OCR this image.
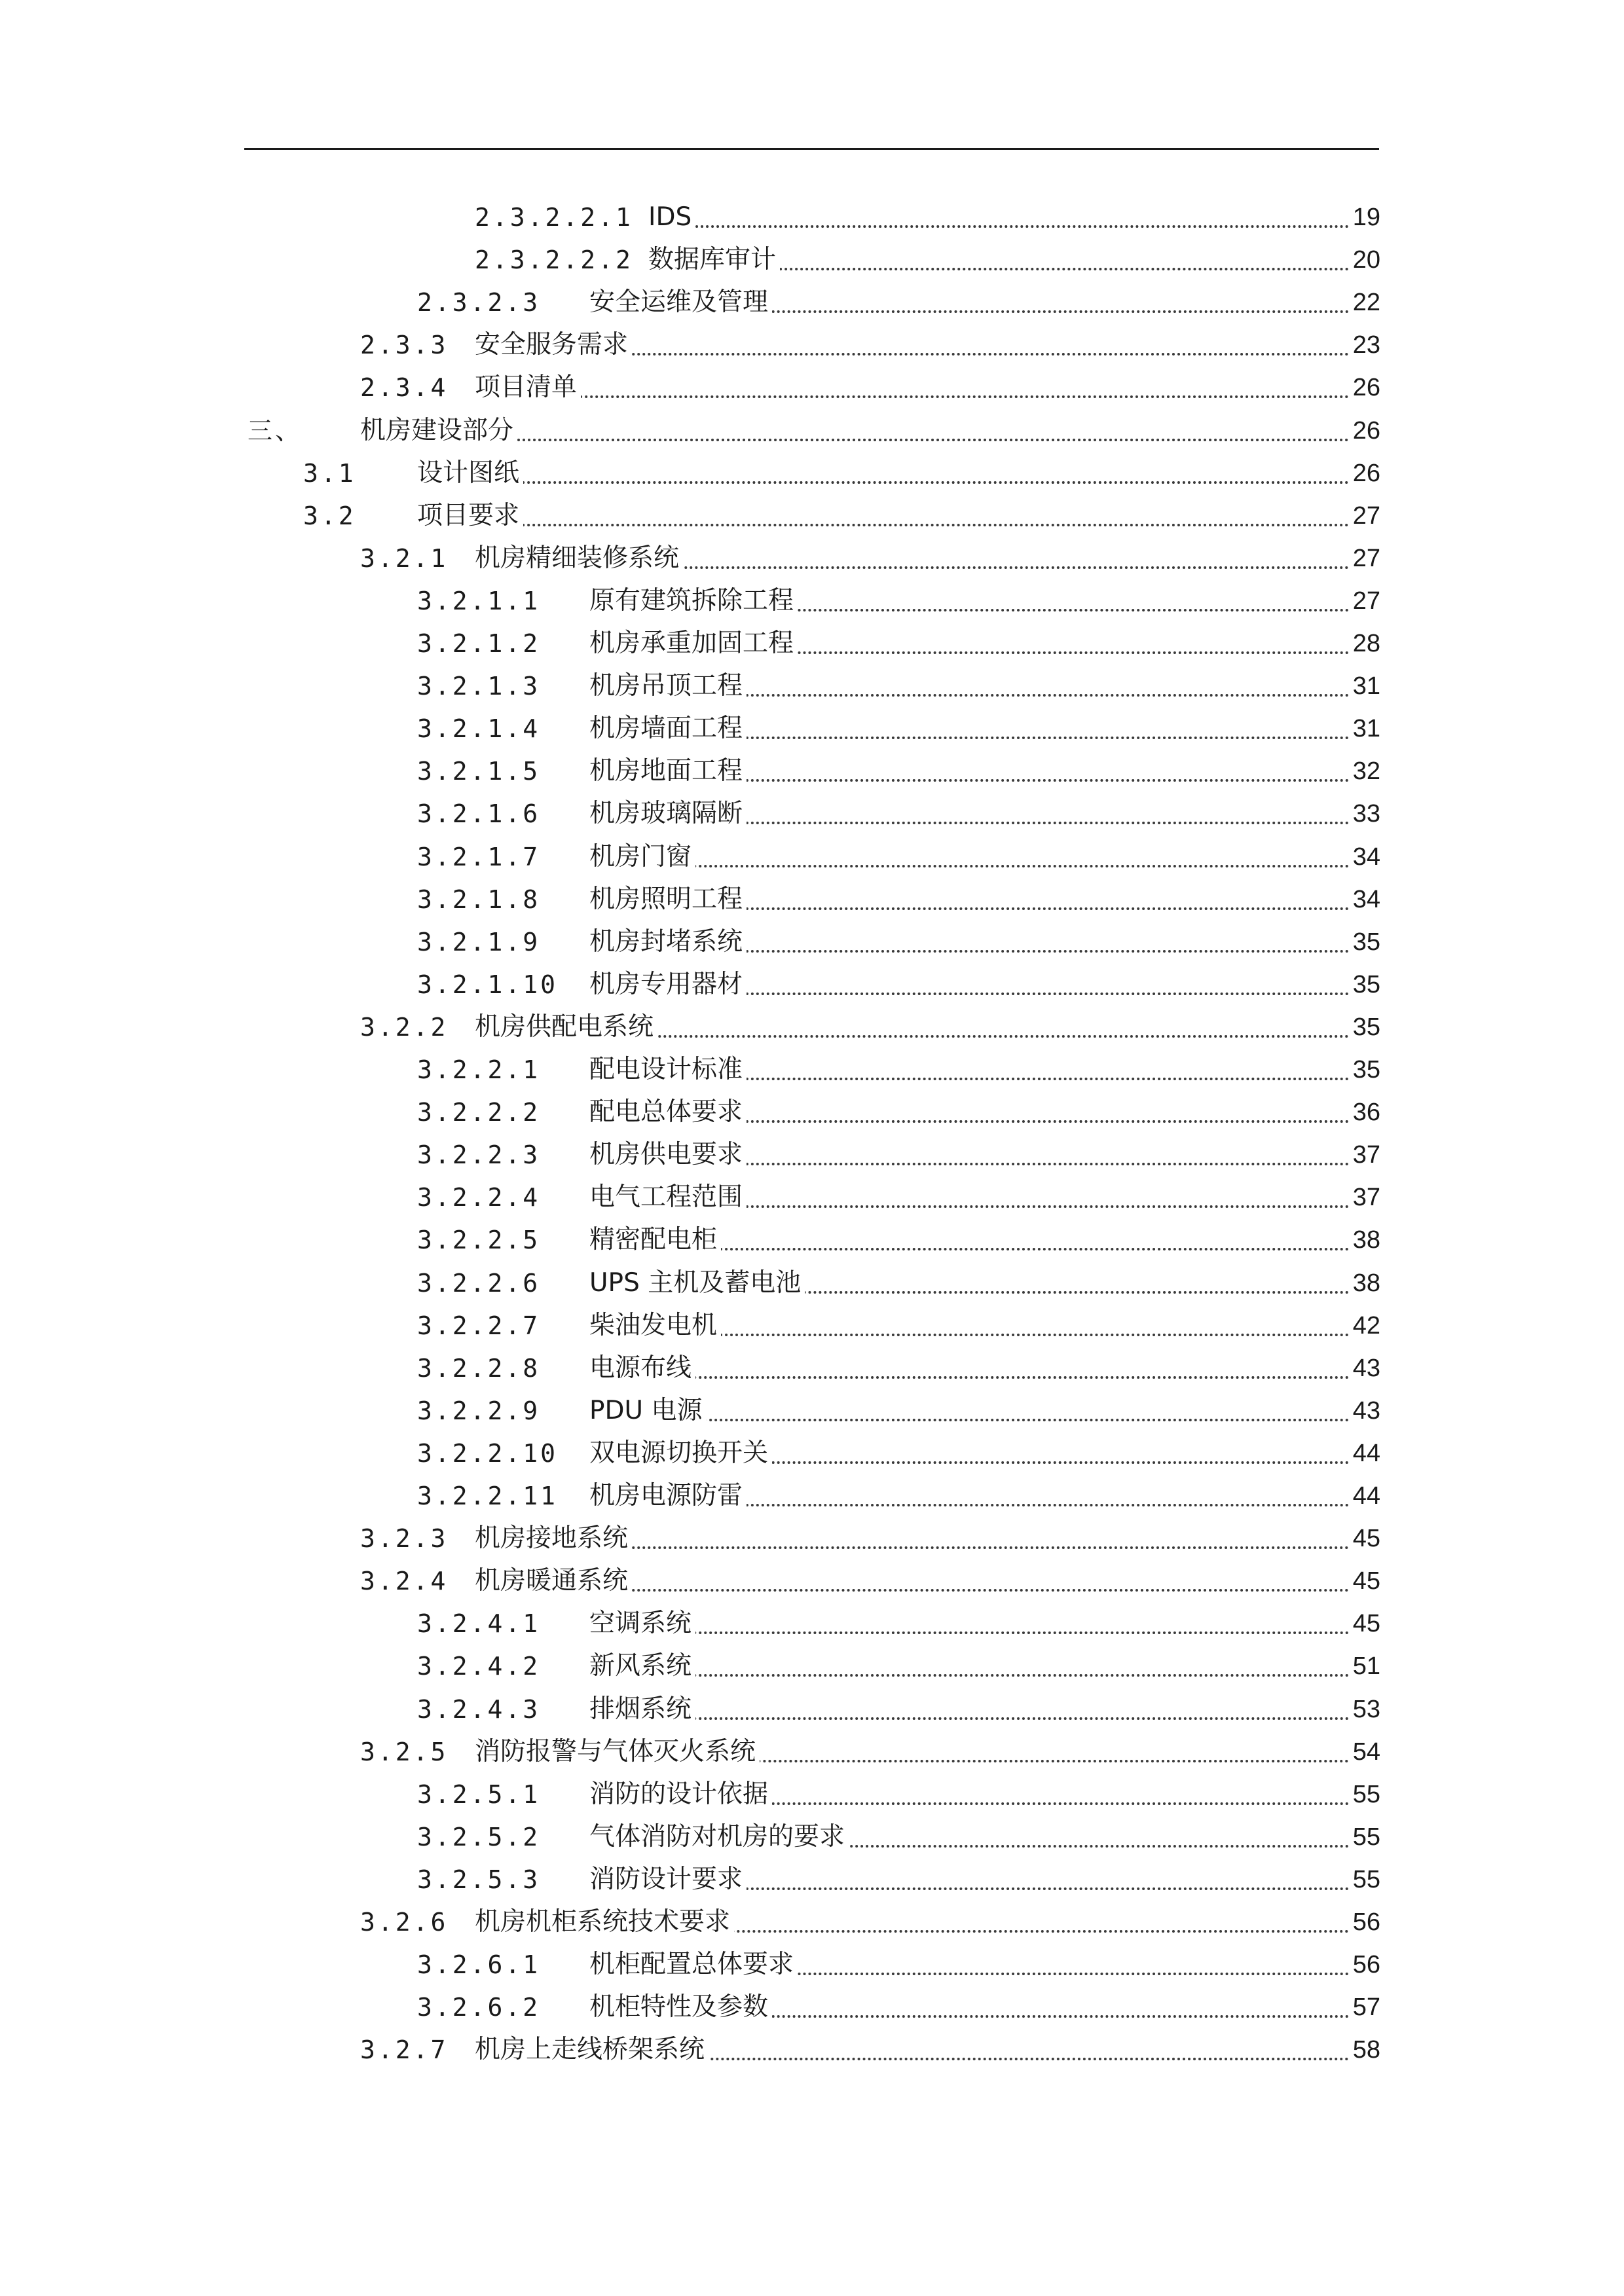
2.3.2.2.1 IDS	19
2.3.2.2.2 数据库审计	20
2.3.2.3 安全运维及管理	22
2.3.3 安全服务需求	23
2.3.4 项目清单	26
三、 机房建设部分	26
3.1 设计图纸	26
3.2 项目要求	27
3.2.1 机房精细装修系统	27
3.2.1.1 原有建筑拆除工程	27
3.2.1.2 机房承重加固工程	28
3.2.1.3 机房吊顶工程	31
3.2.1.4 机房墙面工程	31
3.2.1.5 机房地面工程	32
3.2.1.6 机房玻璃隔断	33
3.2.1.7 机房门窗	34
3.2.1.8 机房照明工程	34
3.2.1.9 机房封堵系统	35
3.2.1.10 机房专用器材	35
3.2.2 机房供配电系统	35
3.2.2.1 配电设计标准	35
3.2.2.2 配电总体要求	36
3.2.2.3 机房供电要求	37
3.2.2.4 电气工程范围	37
3.2.2.5 精密配电柜	38
3.2.2.6 UPS 主机及蓄电池	38
3.2.2.7 柴油发电机	42
3.2.2.8 电源布线	43
3.2.2.9 PDU 电源	43
3.2.2.10 双电源切换开关	44
3.2.2.11 机房电源防雷	44
3.2.3 机房接地系统	45
3.2.4 机房暖通系统	45
3.2.4.1 空调系统	45
3.2.4.2 新风系统	51
3.2.4.3 排烟系统	53
3.2.5 消防报警与气体灭火系统	54
3.2.5.1 消防的设计依据	55
3.2.5.2 气体消防对机房的要求	55
3.2.5.3 消防设计要求	55
3.2.6 机房机柜系统技术要求	56
3.2.6.1 机柜配置总体要求	56
3.2.6.2 机柜特性及参数	57
3.2.7 机房上走线桥架系统	58
